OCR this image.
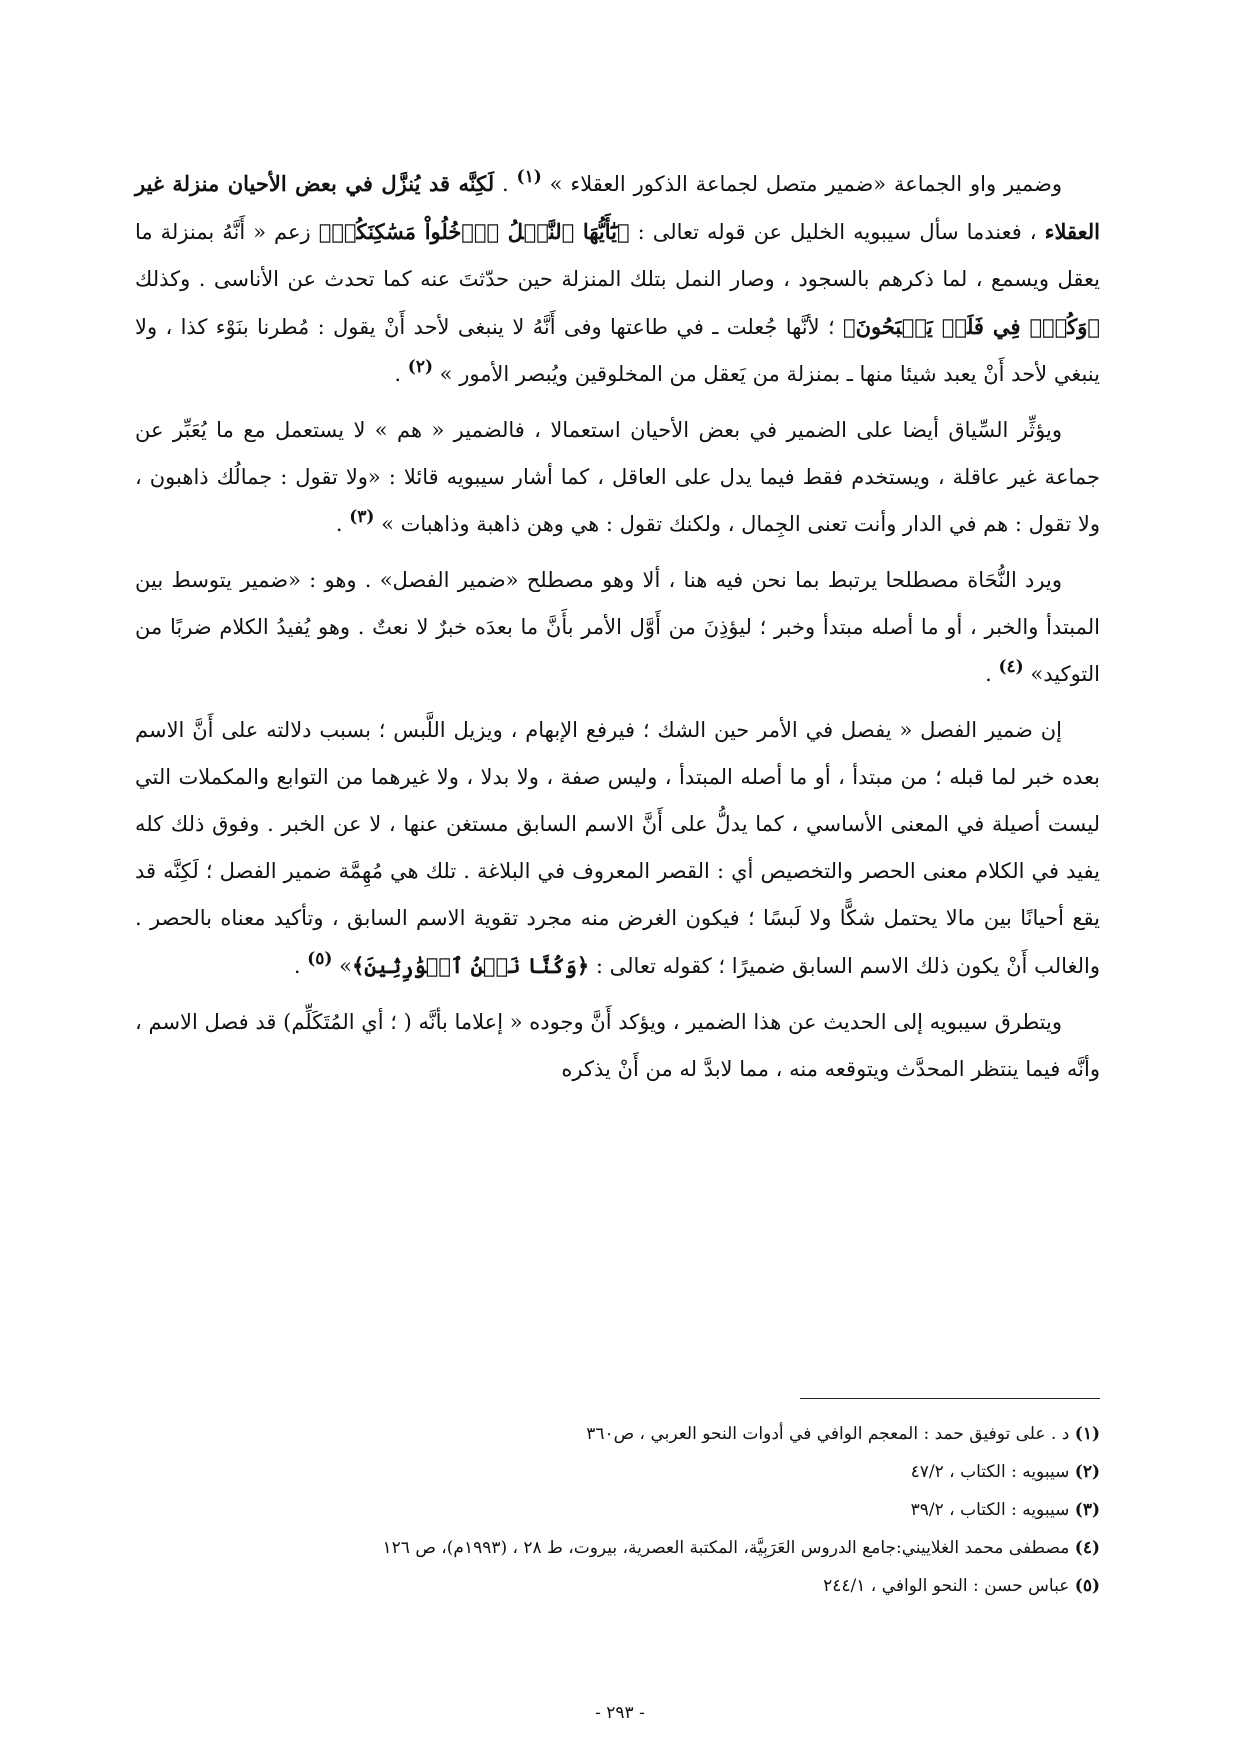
وضمير واو الجماعة «ضمير متصل لجماعة الذكور العقلاء » $^{(١)}$ . لَكِنَّه قد يُنزَّل في بعض الأحيان منزلة غير العقلاء ، فعندما سأل سيبويه الخليل عن قوله تعالى : ﴿يَٰٓأَيُّهَا ٱلنَّمۡلُ ٱدۡخُلُواْ مَسَٰكِنَكُمۡ﴾ زعم « أَنَّهُ بمنزلة ما يعقل ويسمع ، لما ذكرهم بالسجود ، وصار النمل بتلك المنزلة حين حدّثتَ عنه كما تحدث عن الأناسى . وكذلك ﴿وَكُلّٞ فِي فَلَكٖ يَسۡبَحُونَ﴾ ؛ لأنَّها جُعلت ـ في طاعتها وفى أَنَّهُ لا ينبغى لأحد أَنْ يقول : مُطرنا بنَوْء كذا ، ولا ينبغي لأحد أَنْ يعبد شيئا منها ـ بمنزلة من يَعقل من المخلوقين ويُبصر الأمور » $^{(٢)}$ .

ويؤثِّر السِّياق أيضا على الضمير في بعض الأحيان استعمالا ، فالضمير « هم » لا يستعمل مع ما يُعَبِّر عن جماعة غير عاقلة ، ويستخدم فقط فيما يدل على العاقل ، كما أشار سيبويه قائلا : «ولا تقول : جمالُك ذاهبون ، ولا تقول : هم في الدار وأنت تعنى الجِمال ، ولكنك تقول : هي وهن ذاهبة وذاهبات » $^{(٣)}$ .

ويرد النُّحَاة مصطلحا يرتبط بما نحن فيه هنا ، ألا وهو مصطلح «ضمير الفصل» . وهو : «ضمير يتوسط بين المبتدأ والخبر ، أو ما أصله مبتدأ وخبر ؛ ليؤذِنَ من أَوَّل الأمر بأَنَّ ما بعدَه خبرٌ لا نعتٌ . وهو يُفيدُ الكلام ضربًا من التوكيد» $^{(٤)}$ .

إن ضمير الفصل « يفصل في الأمر حين الشك ؛ فيرفع الإبهام ، ويزيل اللَّبس ؛ بسبب دلالته على أَنَّ الاسم بعده خبر لما قبله ؛ من مبتدأ ، أو ما أصله المبتدأ ، وليس صفة ، ولا بدلا ، ولا غيرهما من التوابع والمكملات التي ليست أصيلة في المعنى الأساسي ، كما يدلُّ على أَنَّ الاسم السابق مستغن عنها ، لا عن الخبر . وفوق ذلك كله يفيد في الكلام معنى الحصر والتخصيص أي : القصر المعروف في البلاغة . تلك هي مُهِمَّة ضمير الفصل ؛ لَكِنَّه قد يقع أحيانًا بين مالا يحتمل شكًّا ولا لَبسًا ؛ فيكون الغرض منه مجرد تقوية الاسم السابق ، وتأكيد معناه بالحصر . والغالب أَنْ يكون ذلك الاسم السابق ضميرًا ؛ كقوله تعالى : ﴿وَكُنَّا نَحۡنُ ٱلۡوَٰرِثِينَ﴾» $^{(٥)}$ .

ويتطرق سيبويه إلى الحديث عن هذا الضمير ، ويؤكد أَنَّ وجوده « إعلاما بأنَّه ( ؛ أي المُتَكَلِّم) قد فصل الاسم ، وأنَّه فيما ينتظر المحدَّث ويتوقعه منه ، مما لابدَّ له من أَنْ يذكره

(١) د . على توفيق حمد : المعجم الوافي في أدوات النحو العربي ، ص٣٦٠
(٢) سيبويه : الكتاب ، ٤٧/٢
(٣) سيبويه : الكتاب ، ٣٩/٢
(٤) مصطفى محمد الغلاييني:جامع الدروس العَرَبِيَّة، المكتبة العصرية، بيروت، ط ٢٨ ، (١٩٩٣م)، ص ١٢٦
(٥) عباس حسن : النحو الوافي ، ٢٤٤/١
- ٢٩٣ -
